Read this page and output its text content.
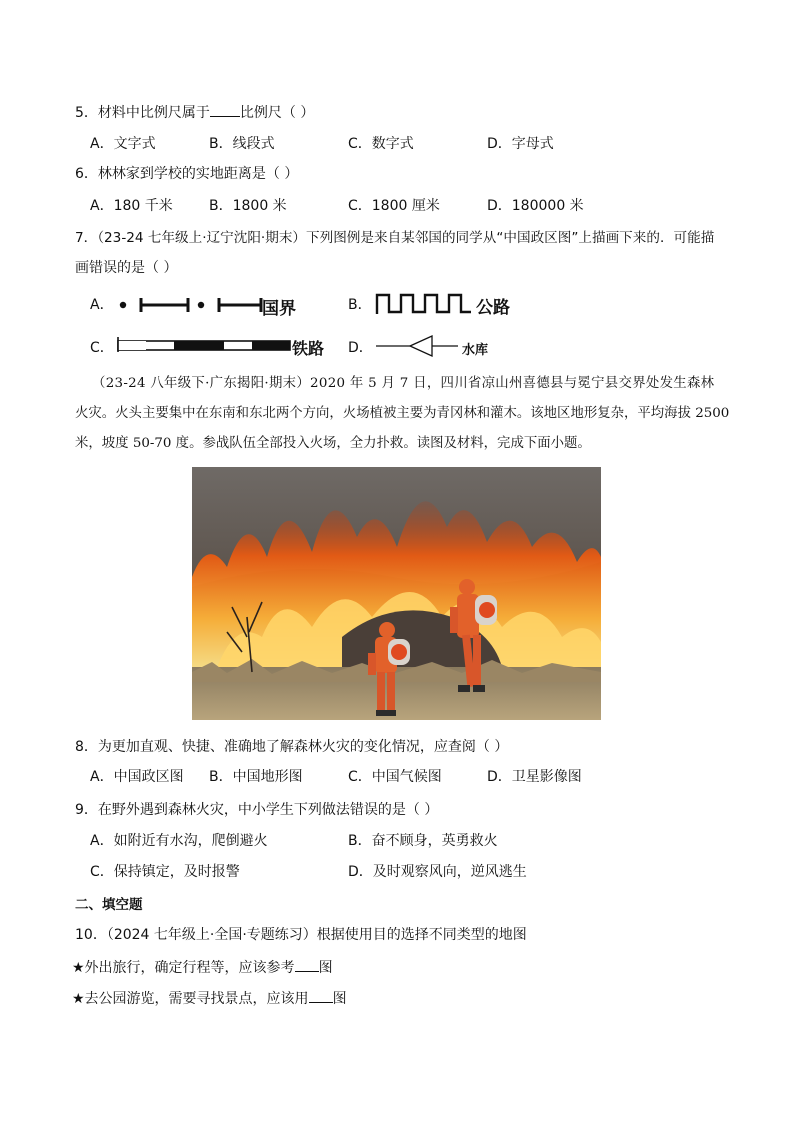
5．材料中比例尺属于 比例尺（ ）
A．文字式	B．线段式	C．数字式	D．字母式
6．林林家到学校的实地距离是（ ）
A．180 千米	B．1800 米	C．1800 厘米	D．180000 米
7．（23-24 七年级上·辽宁沈阳·期末）下列图例是来自某邻国的同学从“中国政区图”上描画下来的．可能描
画错误的是（ ）
A．	国界	B．	公路
C．	铁路 D．	水库
（23-24 八年级下·广东揭阳·期末）2020 年 5 月 7 日，四川省凉山州喜德县与冕宁县交界处发生森林
火灾。火头主要集中在东南和东北两个方向，火场植被主要为青冈林和灌木。该地区地形复杂，平均海拔 2500
米，坡度 50-70 度。参战队伍全部投入火场，全力扑救。读图及材料，完成下面小题。
8．为更加直观、快捷、准确地了解森林火灾的变化情况，应查阅（ ）
A．中国政区图 B．中国地形图	C．中国气候图	D．卫星影像图
9．在野外遇到森林火灾，中小学生下列做法错误的是（ ）
A．如附近有水沟，爬倒避火	B．奋不顾身，英勇救火
C．保持镇定，及时报警	D．及时观察风向，逆风逃生
二、填空题
10．（2024 七年级上·全国·专题练习）根据使用目的选择不同类型的地图
★外出旅行，确定行程等，应该参考 图
★去公园游览，需要寻找景点，应该用 图
